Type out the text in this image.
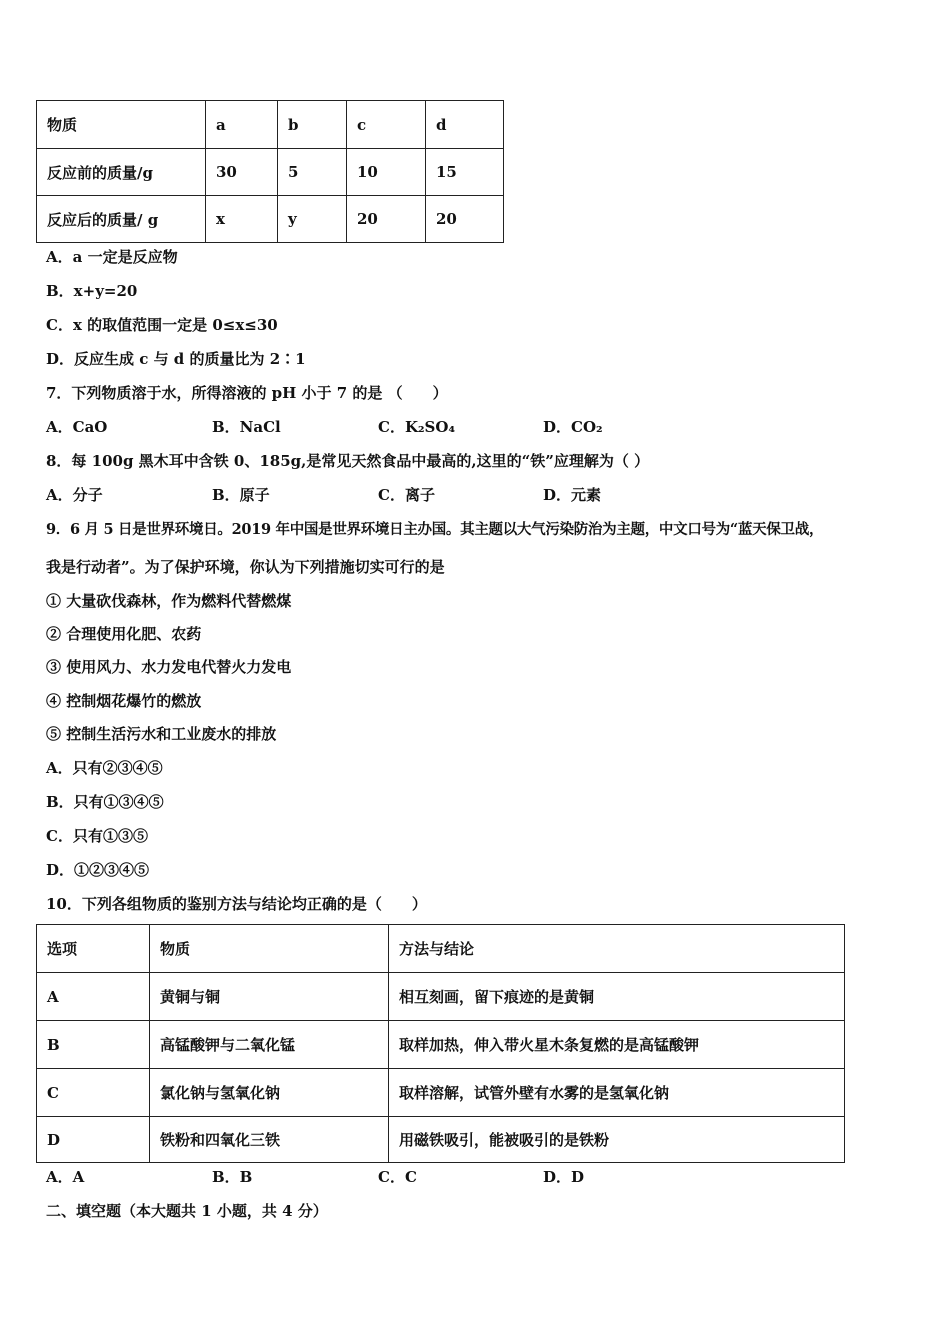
物质	a	b	c	d
反应前的质量/g	30	5	10	15
反应后的质量/ g	x	y	20	20
A．a 一定是反应物
B．x+y=20
C．x 的取值范围一定是 0≤x≤30
D．反应生成 c 与 d 的质量比为 2∶1
7．下列物质溶于水，所得溶液的 pH 小于 7 的是 （　　）
A．CaO	B．NaCl	C．K₂SO₄	D．CO₂
8．每 100g 黑木耳中含铁 0、185g,是常见天然食品中最高的,这里的“铁”应理解为（ ）
A．分子	B．原子	C．离子	D．元素
9．6 月 5 日是世界环境日。2019 年中国是世界环境日主办国。其主题以大气污染防治为主题，中文口号为“蓝天保卫战，
我是行动者”。为了保护环境，你认为下列措施切实可行的是
① 大量砍伐森林，作为燃料代替燃煤
② 合理使用化肥、农药
③ 使用风力、水力发电代替火力发电
④ 控制烟花爆竹的燃放
⑤ 控制生活污水和工业废水的排放
A．只有②③④⑤
B．只有①③④⑤
C．只有①③⑤
D．①②③④⑤
10．下列各组物质的鉴别方法与结论均正确的是（　　）
选项	物质	方法与结论
A	黄铜与铜	相互刻画，留下痕迹的是黄铜
B	高锰酸钾与二氧化锰	取样加热，伸入带火星木条复燃的是高锰酸钾
C	氯化钠与氢氧化钠	取样溶解，试管外壁有水雾的是氢氧化钠
D	铁粉和四氧化三铁	用磁铁吸引，能被吸引的是铁粉
A．A	B．B	C．C	D．D
二、填空题（本大题共 1 小题，共 4 分）
